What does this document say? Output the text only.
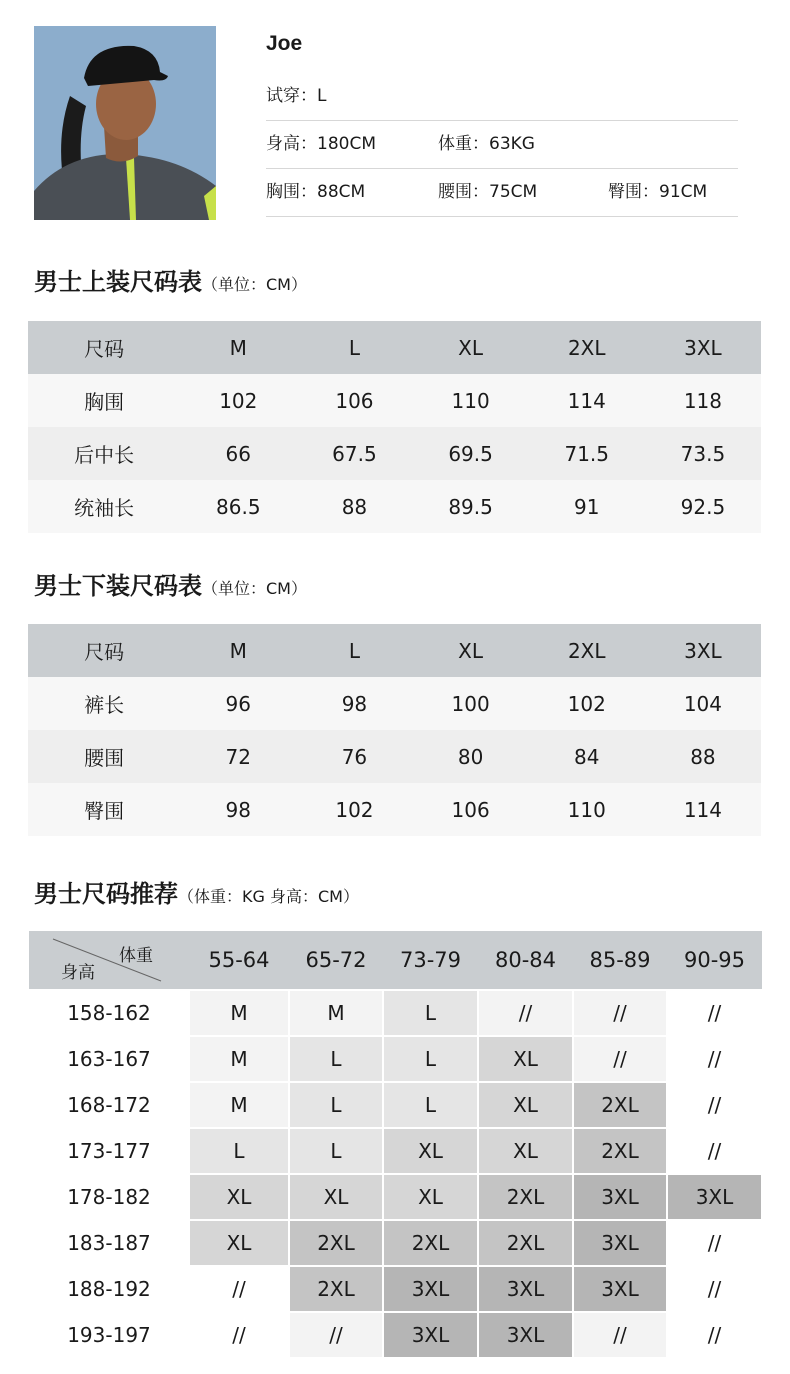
Joe
试穿：L
身高：180CM	体重：63KG
胸围：88CM	腰围：75CM	臀围：91CM
男士上装尺码表（单位：CM）
尺码	M	L	XL	2XL	3XL
胸围	102	106	110	114	118
后中长	66	67.5	69.5	71.5	73.5
统袖长	86.5	88	89.5	91	92.5
男士下装尺码表（单位：CM）
尺码	M	L	XL	2XL	3XL
裤长	96	98	100	102	104
腰围	72	76	80	84	88
臀围	98	102	106	110	114
男士尺码推荐（体重：KG 身高：CM）
体重
身高	55-64	65-72	73-79	80-84	85-89	90-95
158-162	M	M	L	//	//	//
163-167	M	L	L	XL	//	//
168-172	M	L	L	XL	2XL	//
173-177	L	L	XL	XL	2XL	//
178-182	XL	XL	XL	2XL	3XL	3XL
183-187	XL	2XL	2XL	2XL	3XL	//
188-192	//	2XL	3XL	3XL	3XL	//
193-197	//	//	3XL	3XL	//	//
